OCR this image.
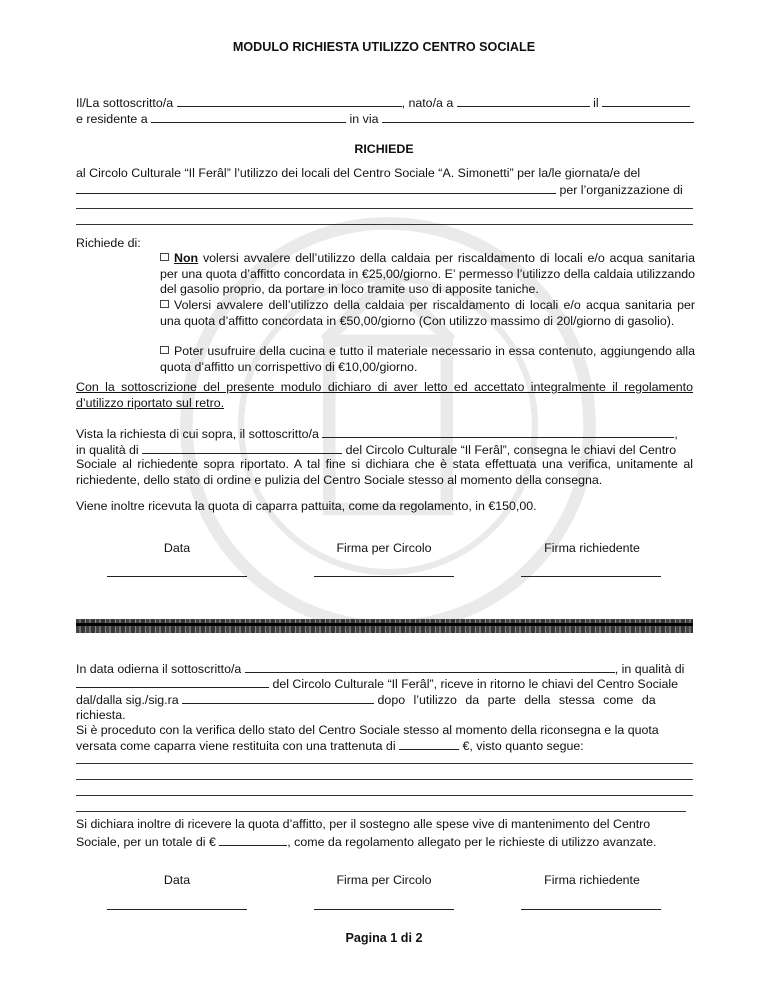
MODULO RICHIESTA UTILIZZO CENTRO SOCIALE
Il/La sottoscritto/a	, nato/a a	il
e residente a	in via
RICHIEDE
al Circolo Culturale “Il Ferâl” l’utilizzo dei locali del Centro Sociale “A. Simonetti” per la/le giornata/e del
per l’organizzazione di
Richiede di:
Non volersi avvalere dell’utilizzo della caldaia per riscaldamento di locali e/o acqua sanitaria per una quota d’affitto concordata in €25,00/giorno. E’ permesso l’utilizzo della caldaia utilizzando del gasolio proprio, da portare in loco tramite uso di apposite taniche.
Volersi avvalere dell’utilizzo della caldaia per riscaldamento di locali e/o acqua sanitaria per una quota d’affitto concordata in €50,00/giorno (Con utilizzo massimo di 20l/giorno di gasolio).
Poter usufruire della cucina e tutto il materiale necessario in essa contenuto, aggiungendo alla quota d’affitto un corrispettivo di €10,00/giorno.
Con la sottoscrizione del presente modulo dichiaro di aver letto ed accettato integralmente il regolamento d’utilizzo riportato sul retro.
Vista la richiesta di cui sopra, il sottoscritto/a	,
in qualità di	del Circolo Culturale “Il Ferâl”, consegna le chiavi del Centro
Sociale al richiedente sopra riportato. A tal fine si dichiara che è stata effettuata una verifica, unitamente al richiedente, dello stato di ordine e pulizia del Centro Sociale stesso al momento della consegna.
Viene inoltre ricevuta la quota di caparra pattuita, come da regolamento, in €150,00.
Data	Firma per Circolo	Firma richiedente
In data odierna il sottoscritto/a	, in qualità di
del Circolo Culturale “Il Ferâl”, riceve in ritorno le chiavi del Centro Sociale
dal/dalla sig./sig.ra	dopo l’utilizzo da parte della stessa come da
richiesta.
Si è proceduto con la verifica dello stato del Centro Sociale stesso al momento della riconsegna e la quota
versata come caparra viene restituita con una trattenuta di	€, visto quanto segue:
Si dichiara inoltre di ricevere la quota d’affitto, per il sostegno alle spese vive di mantenimento del Centro
Sociale, per un totale di €	, come da regolamento allegato per le richieste di utilizzo avanzate.
Data	Firma per Circolo	Firma richiedente
Pagina 1 di 2
